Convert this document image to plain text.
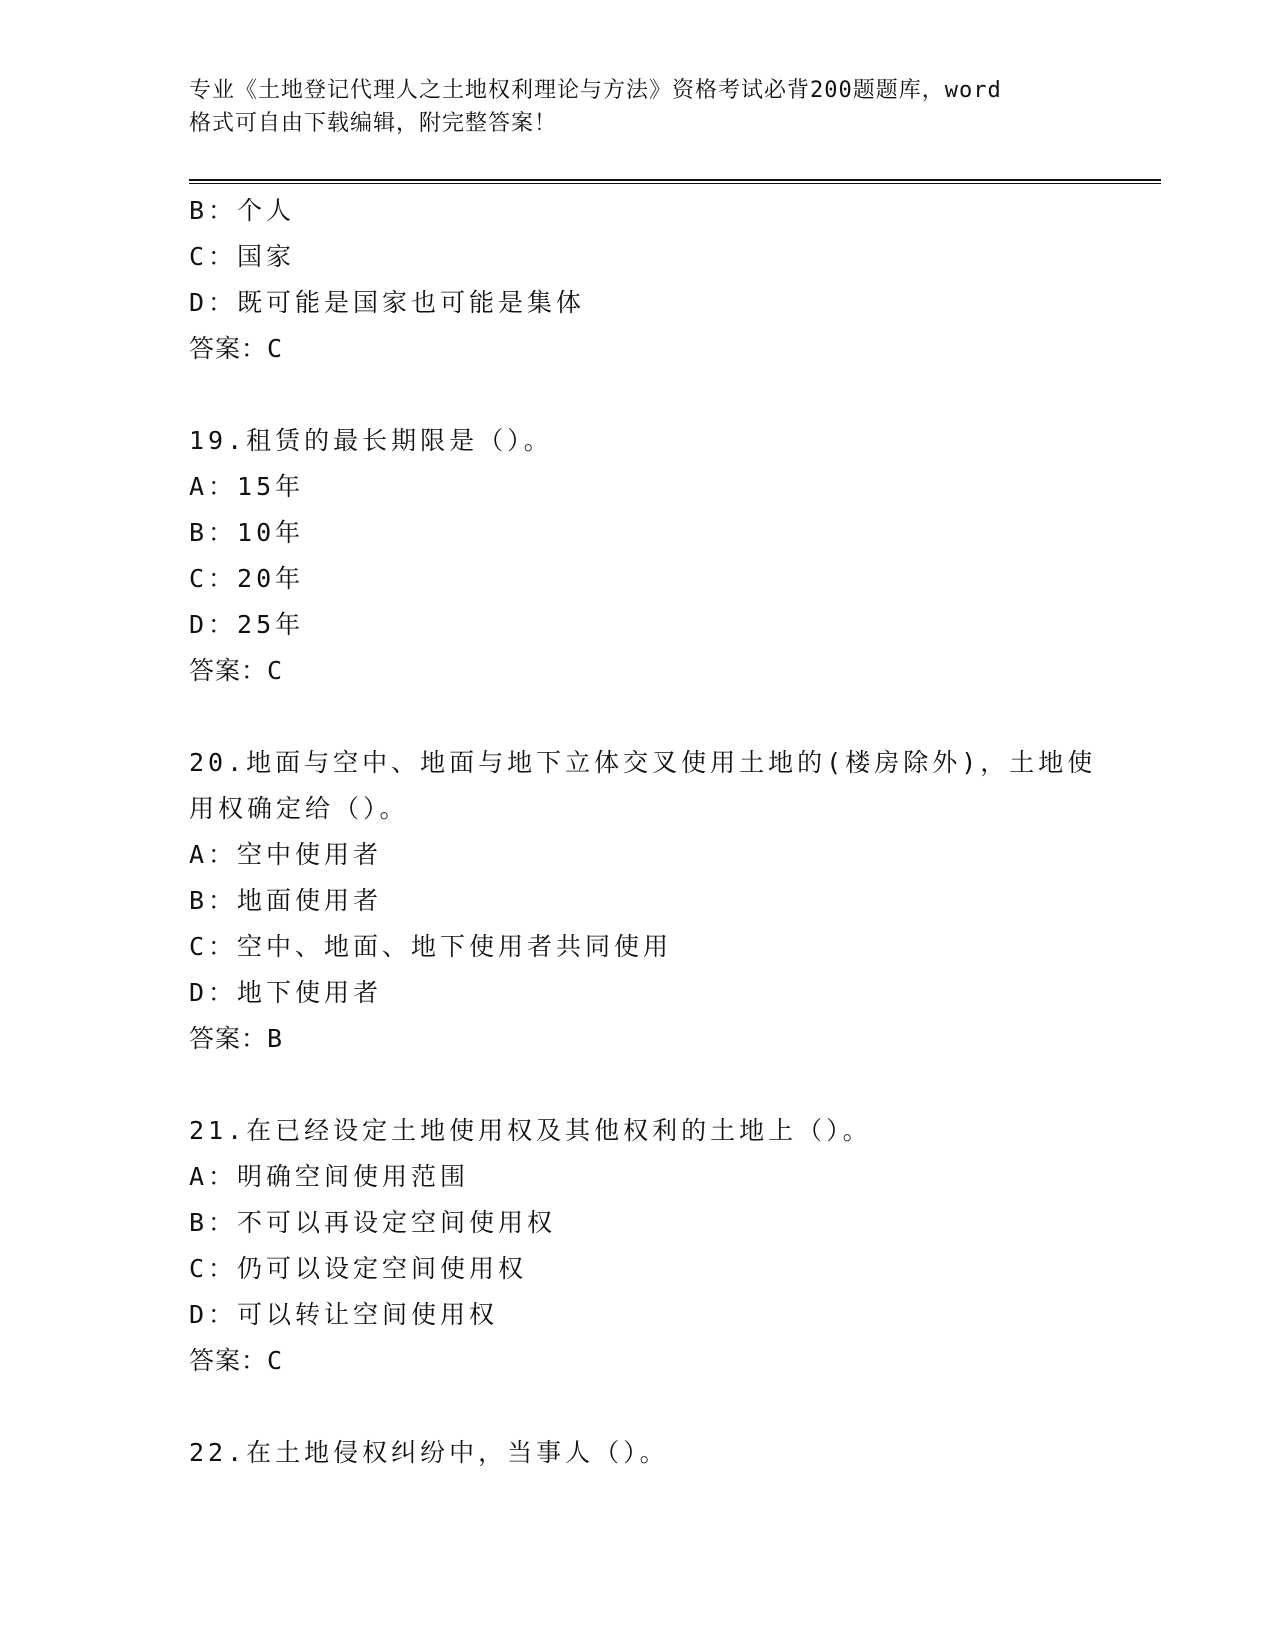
专业《土地登记代理人之土地权利理论与方法》资格考试必背200题题库，word
格式可自由下载编辑，附完整答案！
B：个人
C：国家
D：既可能是国家也可能是集体
答案：C
19.租赁的最长期限是（）。
A：15年
B：10年
C：20年
D：25年
答案：C
20.地面与空中、地面与地下立体交叉使用土地的(楼房除外)，土地使
用权确定给（）。
A：空中使用者
B：地面使用者
C：空中、地面、地下使用者共同使用
D：地下使用者
答案：B
21.在已经设定土地使用权及其他权利的土地上（）。
A：明确空间使用范围
B：不可以再设定空间使用权
C：仍可以设定空间使用权
D：可以转让空间使用权
答案：C
22.在土地侵权纠纷中，当事人（）。
